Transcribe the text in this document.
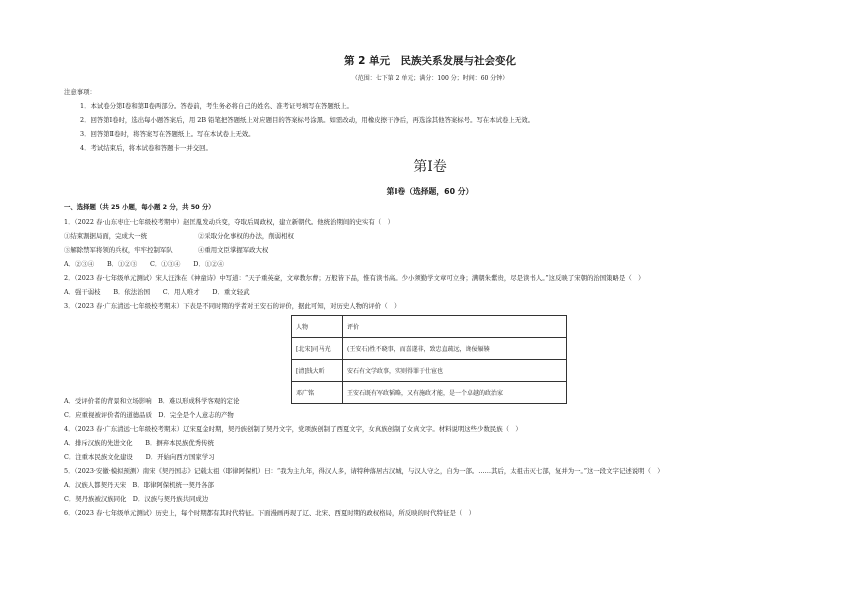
第 2 单元　民族关系发展与社会变化
（范围：七下第 2 单元；满分：100 分；时间：60 分钟）
注意事项：
1．本试卷分第Ⅰ卷和第Ⅱ卷两部分。答卷前，考生务必将自己的姓名、准考证号填写在答题纸上。
2．回答第Ⅰ卷时，选出每小题答案后，用 2B 铅笔把答题纸上对应题目的答案标号涂黑。如需改动，用橡皮擦干净后，再选涂其他答案标号。写在本试卷上无效。
3．回答第Ⅱ卷时，将答案写在答题纸上。写在本试卷上无效。
4．考试结束后，将本试卷和答题卡一并交回。
第Ⅰ卷
第Ⅰ卷（选择题，60 分）
一、选择题（共 25 小题，每小题 2 分，共 50 分）
1．（2022 春·山东枣庄·七年级校考期中）赵匡胤发动兵变，夺取后周政权，建立新朝代。他统治期间的史实有（　）
①结束割据局面，完成大一统	②采取分化事权的办法，削弱相权
③解除禁军将领的兵权，牢牢控制军队	④重用文臣掌握军政大权
A．②③④　　B．①②③　　C．①③④　　D．①②④
2．（2023 春·七年级单元测试）宋人汪洙在《神童诗》中写道：“天子重英豪，文章教尔曹；万般皆下品，惟有读书高。少小须勤学文章可立身；满朝朱紫贵，尽是读书人。”这反映了宋朝的治国策略是（　）
A．强干弱枝　　B．依法治国　　C．用人唯才　　D．重文轻武
3．（2023 春·广东清远·七年级校考期末）下表是不同时期的学者对王安石的评价，据此可知，对历史人物的评价（　）
人物	评价
[北宋]司马光	(王安石)性不晓事，而喜遂非，致忠直疏远，谗佞辐辏
[清]钱大昕	安石有文学政事，实则得罪于仕宦也
邓广铭	王安石既有军政韬略，又有施政才能，是一个卓越的政治家
A．受评价者的背景和立场影响　B．难以形成科学客观的定论
C．应重视被评价者的道德品质　D．完全是个人意志的产物
4．（2023 春·广东清远·七年级校考期末）辽宋夏金时期，契丹族创制了契丹文字，党项族创制了西夏文字，女真族创制了女真文字。材料说明这些少数民族（　）
A．排斥汉族的先进文化　　B．摒弃本民族优秀传统
C．注重本民族文化建设　　D．开始向西方国家学习
5．（2023·安徽·模拟预测）南宋《契丹国志》记载太祖（耶律阿保机）曰：“我为主九年，得汉人多，请特种落居古汉城，与汉人守之，自为一部。……其后，太祖击灭七部，复并为一。”这一段文字记述说明（　）
A．汉族人都契丹天宋　B．耶律阿保机统一契丹各部
C．契丹族被汉族同化　D．汉族与契丹族共同成边
6．（2023 春·七年级单元测试）历史上，每个时期都有其时代特征。下面漫画再现了辽、北宋、西夏时期的政权格局，所反映的时代特征是（　）
